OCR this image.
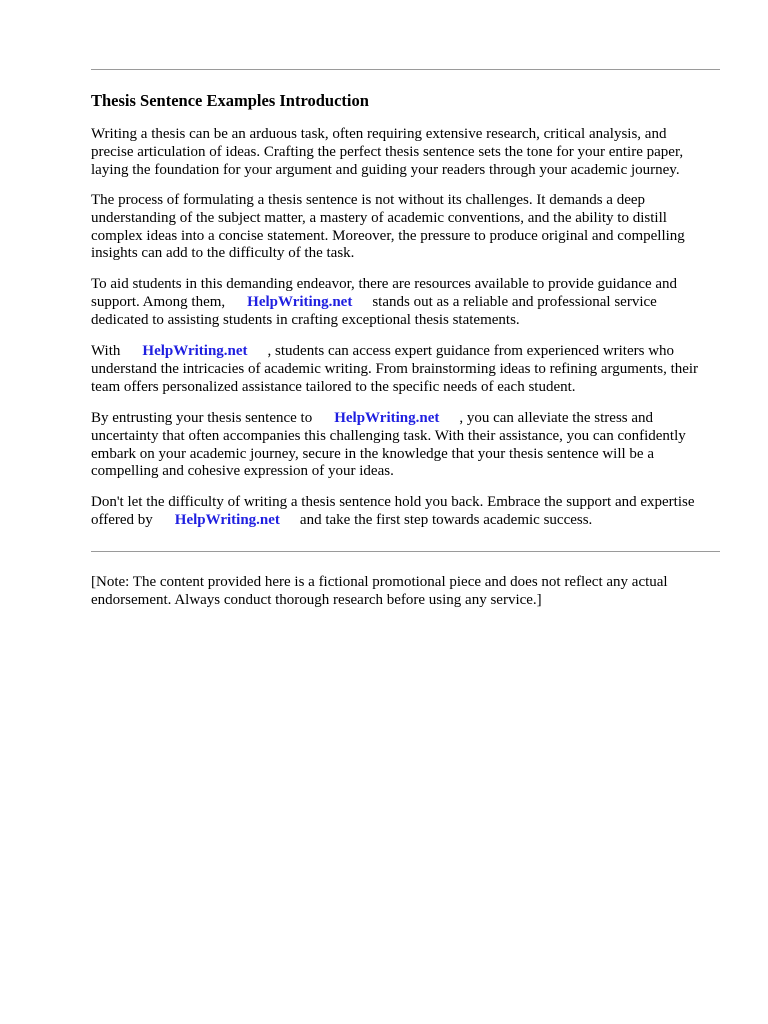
Thesis Sentence Examples Introduction

Writing a thesis can be an arduous task, often requiring extensive research, critical analysis, and
precise articulation of ideas. Crafting the perfect thesis sentence sets the tone for your entire paper,
laying the foundation for your argument and guiding your readers through your academic journey.

The process of formulating a thesis sentence is not without its challenges. It demands a deep
understanding of the subject matter, a mastery of academic conventions, and the ability to distill
complex ideas into a concise statement. Moreover, the pressure to produce original and compelling
insights can add to the difficulty of the task.

To aid students in this demanding endeavor, there are resources available to provide guidance and
support. Among them, HelpWriting.net stands out as a reliable and professional service
dedicated to assisting students in crafting exceptional thesis statements.

With HelpWriting.net , students can access expert guidance from experienced writers who
understand the intricacies of academic writing. From brainstorming ideas to refining arguments, their
team offers personalized assistance tailored to the specific needs of each student.

By entrusting your thesis sentence to HelpWriting.net , you can alleviate the stress and
uncertainty that often accompanies this challenging task. With their assistance, you can confidently
embark on your academic journey, secure in the knowledge that your thesis sentence will be a
compelling and cohesive expression of your ideas.

Don't let the difficulty of writing a thesis sentence hold you back. Embrace the support and expertise
offered by HelpWriting.net and take the first step towards academic success.

[Note: The content provided here is a fictional promotional piece and does not reflect any actual
endorsement. Always conduct thorough research before using any service.]
